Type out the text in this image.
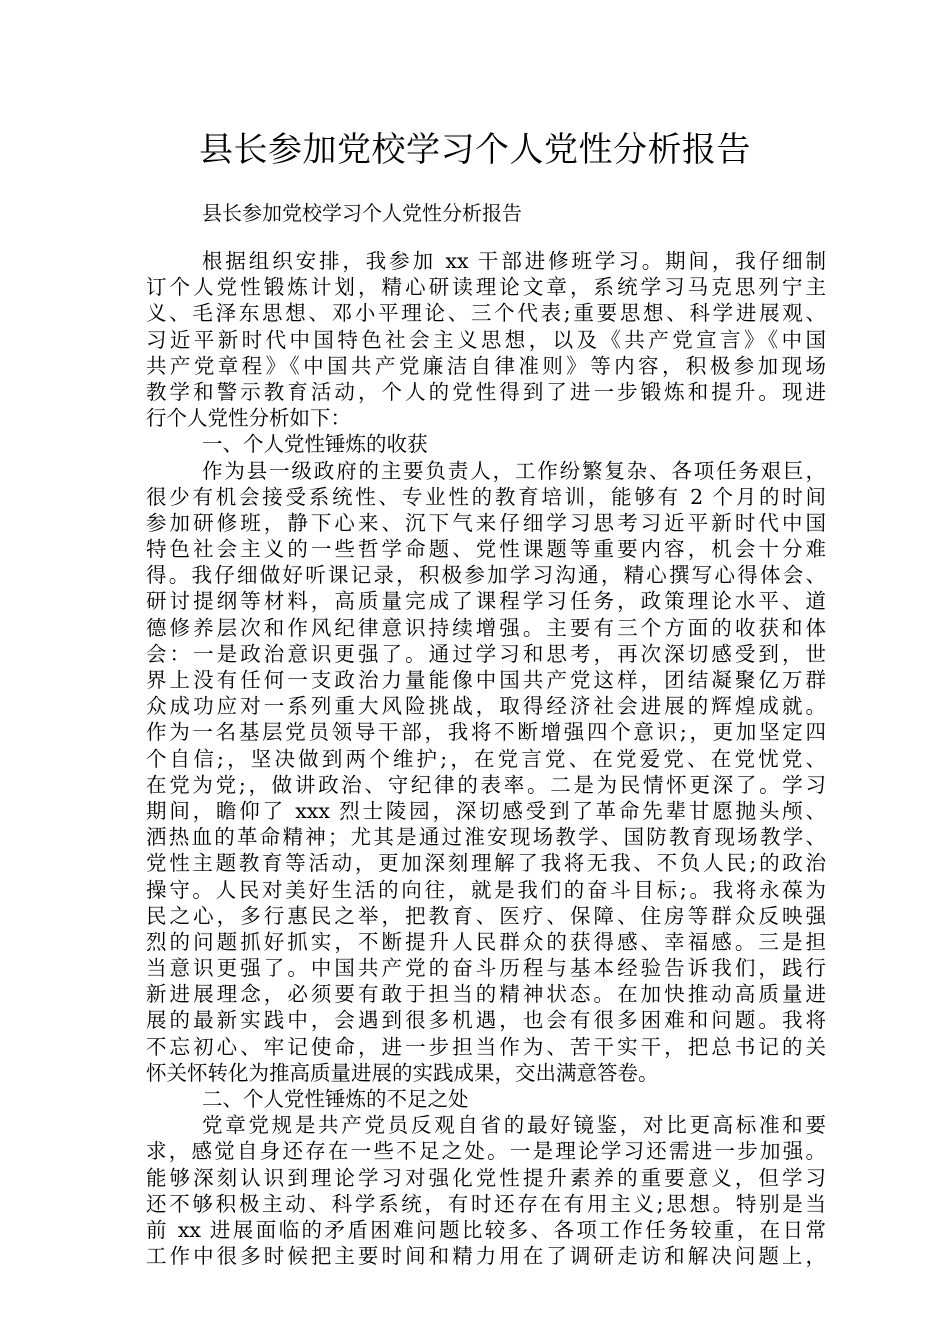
县长参加党校学习个人党性分析报告

县长参加党校学习个人党性分析报告

根据组织安排，我参加 xx 干部进修班学习。期间，我仔细制
订个人党性锻炼计划，精心研读理论文章，系统学习马克思列宁主
义、毛泽东思想、邓小平理论、三个代表;重要思想、科学进展观、
习近平新时代中国特色社会主义思想，以及《共产党宣言》《中国
共产党章程》《中国共产党廉洁自律准则》等内容，积极参加现场
教学和警示教育活动，个人的党性得到了进一步锻炼和提升。现进
行个人党性分析如下：
一、个人党性锤炼的收获
作为县一级政府的主要负责人，工作纷繁复杂、各项任务艰巨，
很少有机会接受系统性、专业性的教育培训，能够有 2 个月的时间
参加研修班，静下心来、沉下气来仔细学习思考习近平新时代中国
特色社会主义的一些哲学命题、党性课题等重要内容，机会十分难
得。我仔细做好听课记录，积极参加学习沟通，精心撰写心得体会、
研讨提纲等材料，高质量完成了课程学习任务，政策理论水平、道
德修养层次和作风纪律意识持续增强。主要有三个方面的收获和体
会：一是政治意识更强了。通过学习和思考，再次深切感受到，世
界上没有任何一支政治力量能像中国共产党这样，团结凝聚亿万群
众成功应对一系列重大风险挑战，取得经济社会进展的辉煌成就。
作为一名基层党员领导干部，我将不断增强四个意识;，更加坚定四
个自信;，坚决做到两个维护;，在党言党、在党爱党、在党忧党、
在党为党;，做讲政治、守纪律的表率。二是为民情怀更深了。学习
期间，瞻仰了 xxx 烈士陵园，深切感受到了革命先辈甘愿抛头颅、
洒热血的革命精神；尤其是通过淮安现场教学、国防教育现场教学、
党性主题教育等活动，更加深刻理解了我将无我、不负人民;的政治
操守。人民对美好生活的向往，就是我们的奋斗目标;。我将永葆为
民之心，多行惠民之举，把教育、医疗、保障、住房等群众反映强
烈的问题抓好抓实，不断提升人民群众的获得感、幸福感。三是担
当意识更强了。中国共产党的奋斗历程与基本经验告诉我们，践行
新进展理念，必须要有敢于担当的精神状态。在加快推动高质量进
展的最新实践中，会遇到很多机遇，也会有很多困难和问题。我将
不忘初心、牢记使命，进一步担当作为、苦干实干，把总书记的关
怀关怀转化为推高质量进展的实践成果，交出满意答卷。
二、个人党性锤炼的不足之处
党章党规是共产党员反观自省的最好镜鉴，对比更高标准和要
求，感觉自身还存在一些不足之处。一是理论学习还需进一步加强。
能够深刻认识到理论学习对强化党性提升素养的重要意义，但学习
还不够积极主动、科学系统，有时还存在有用主义;思想。特别是当
前 xx 进展面临的矛盾困难问题比较多、各项工作任务较重，在日常
工作中很多时候把主要时间和精力用在了调研走访和解决问题上，
